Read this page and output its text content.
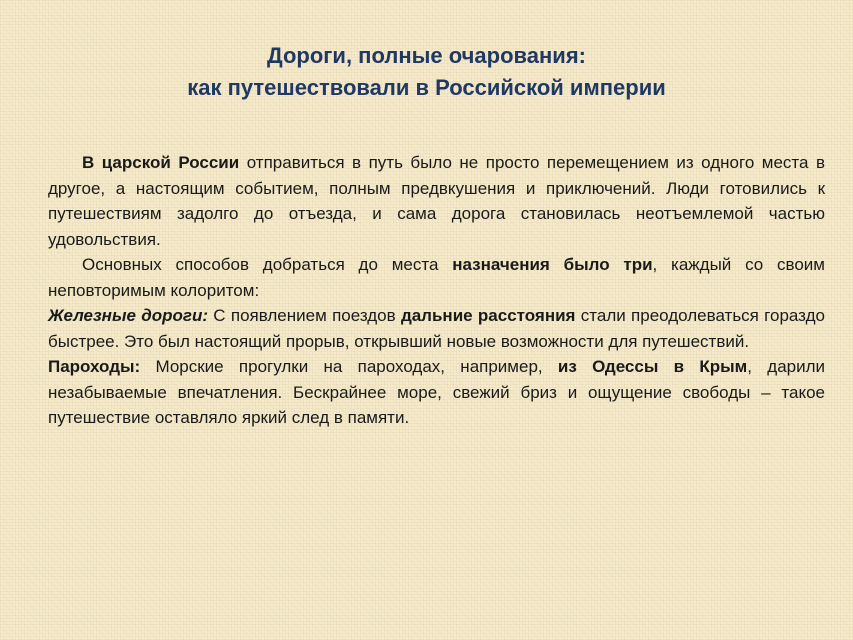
Дороги, полные очарования:
как путешествовали в Российской империи

В царской России отправиться в путь было не просто перемещением из одного места в другое, а настоящим событием, полным предвкушения и приключений. Люди готовились к путешествиям задолго до отъезда, и сама дорога становилась неотъемлемой частью удовольствия.

Основных способов добраться до места назначения было три, каждый со своим неповторимым колоритом:

Железные дороги: С появлением поездов дальние расстояния стали преодолеваться гораздо быстрее. Это был настоящий прорыв, открывший новые возможности для путешествий.

Пароходы: Морские прогулки на пароходах, например, из Одессы в Крым, дарили незабываемые впечатления. Бескрайнее море, свежий бриз и ощущение свободы – такое путешествие оставляло яркий след в памяти.
